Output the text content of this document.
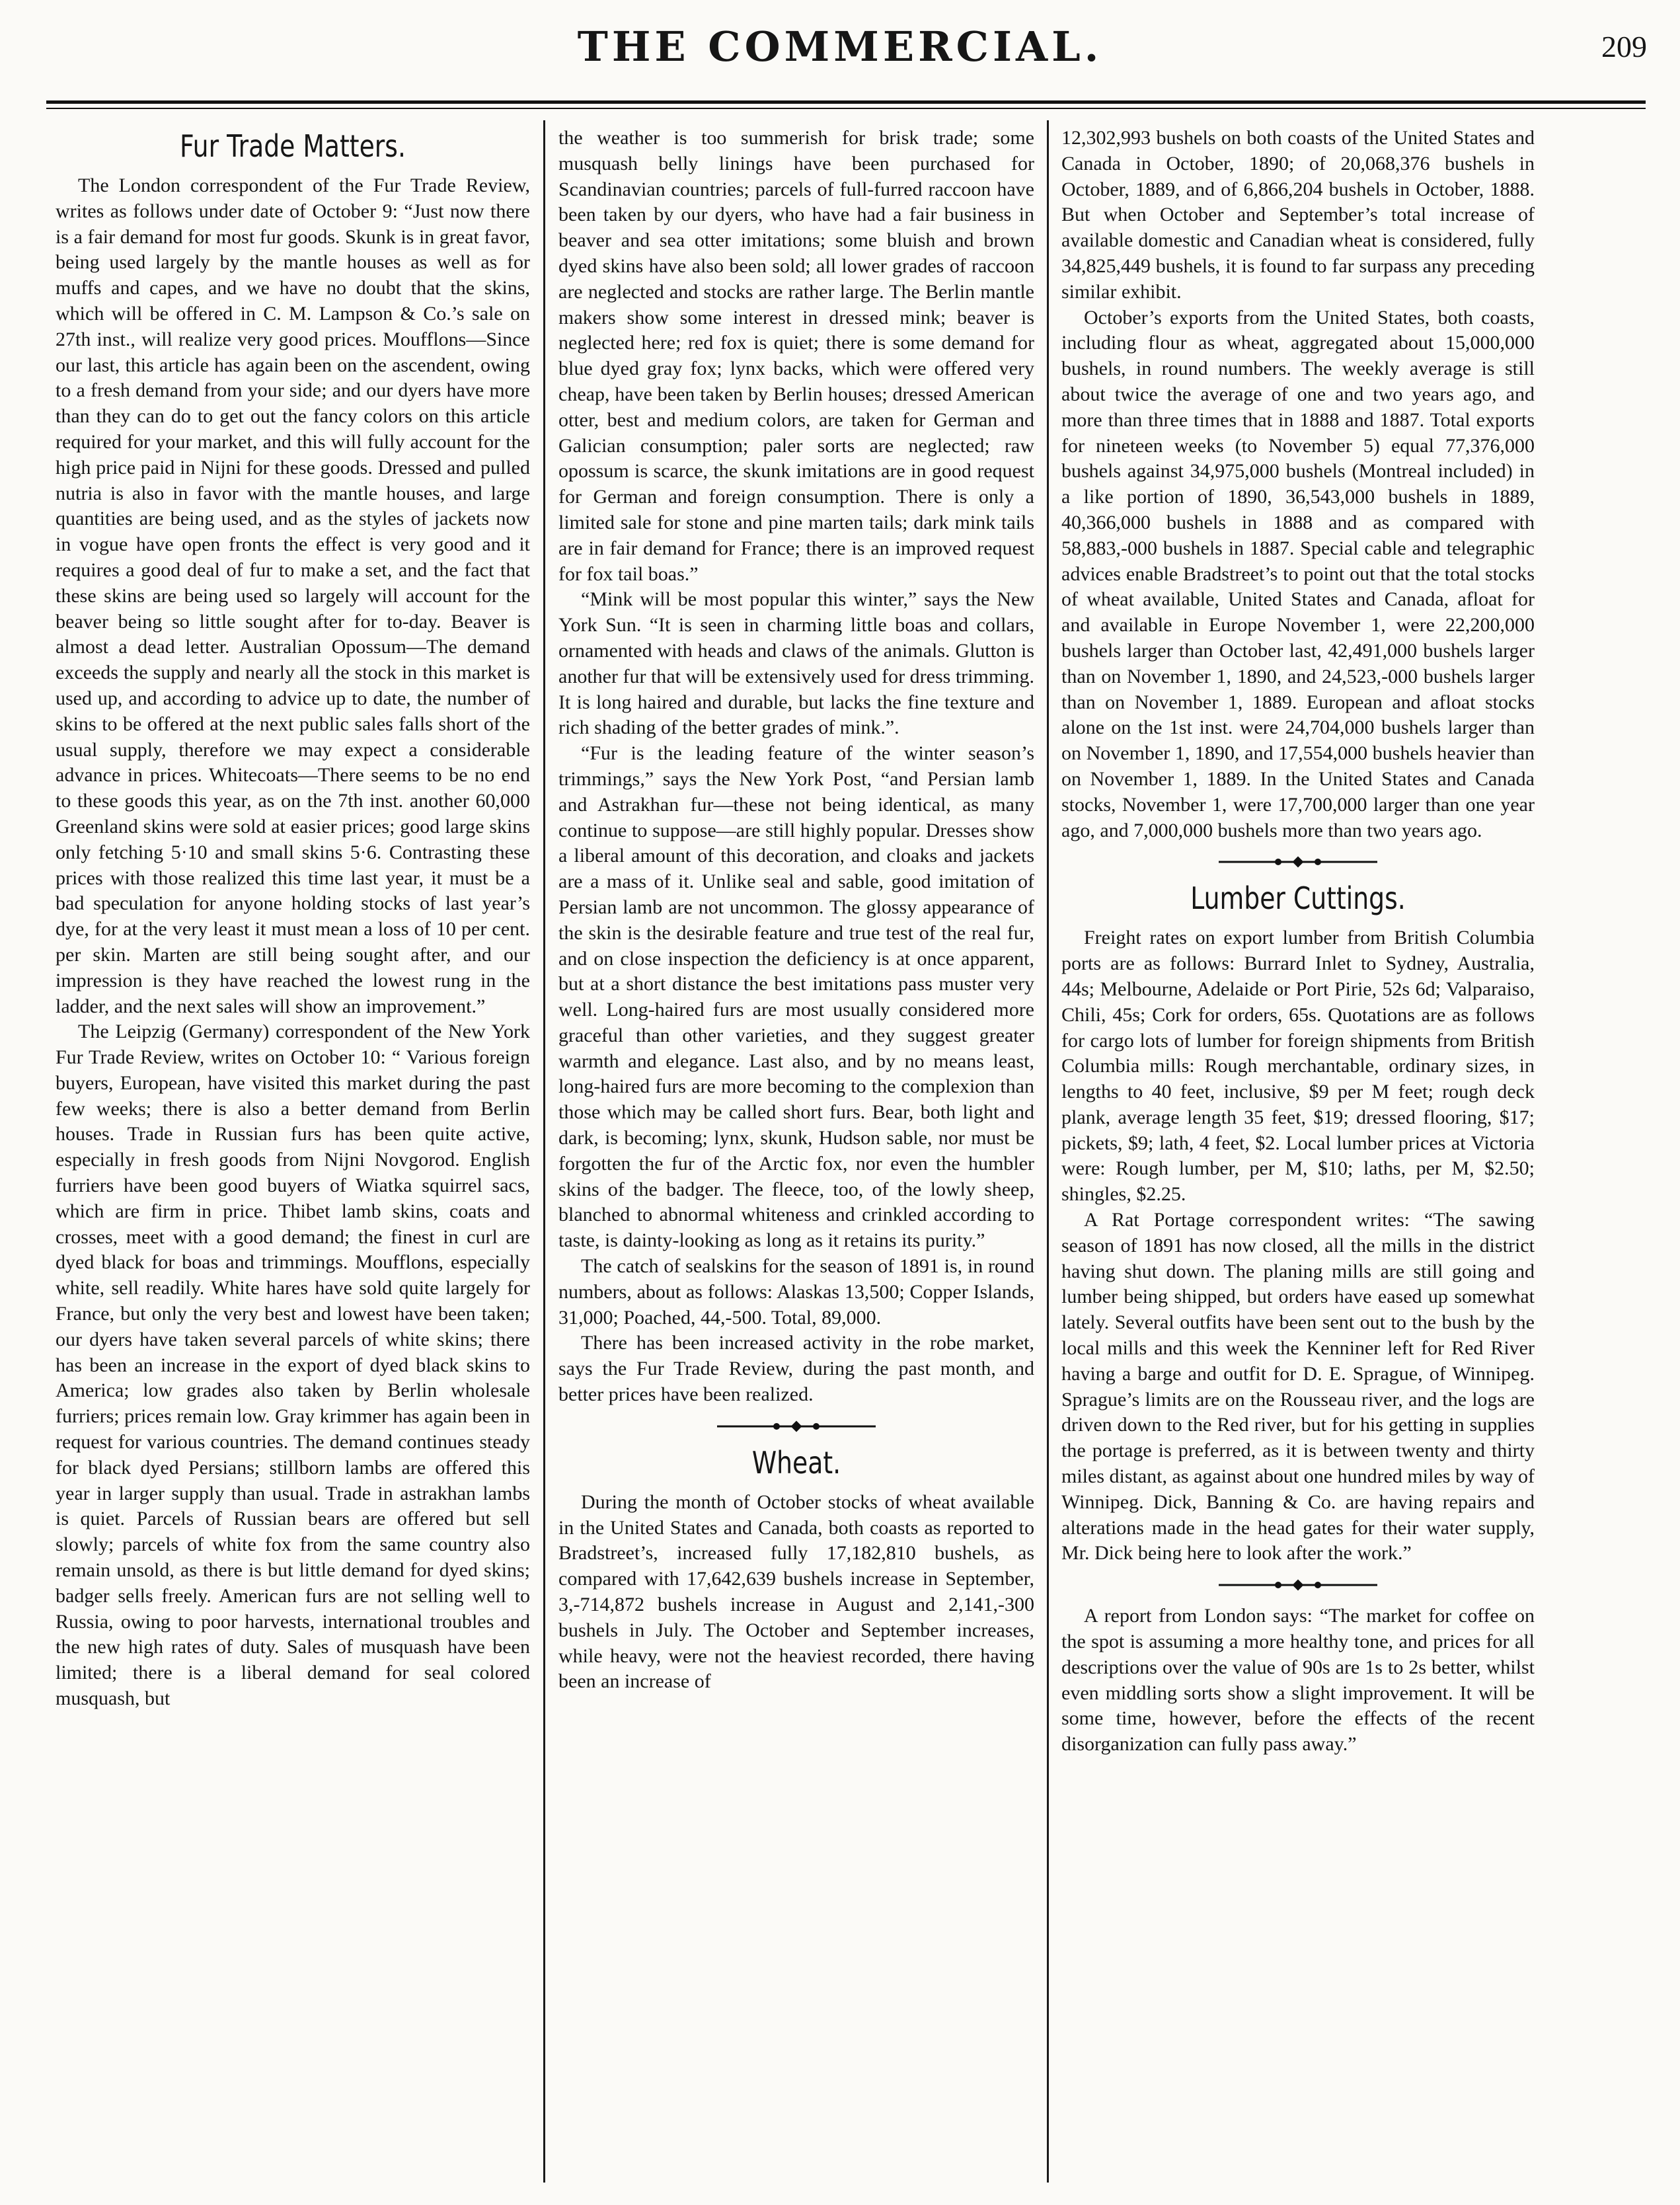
THE COMMERCIAL.	209
Fur Trade Matters.

The London correspondent of the Fur Trade Review, writes as follows under date of October 9: “Just now there is a fair demand for most fur goods. Skunk is in great favor, being used largely by the mantle houses as well as for muffs and capes, and we have no doubt that the skins, which will be offered in C. M. Lampson & Co.’s sale on 27th inst., will realize very good prices. Moufflons—Since our last, this article has again been on the ascendent, owing to a fresh demand from your side; and our dyers have more than they can do to get out the fancy colors on this article required for your market, and this will fully account for the high price paid in Nijni for these goods. Dressed and pulled nutria is also in favor with the mantle houses, and large quantities are being used, and as the styles of jackets now in vogue have open fronts the effect is very good and it requires a good deal of fur to make a set, and the fact that these skins are being used so largely will account for the beaver being so little sought after for to-day. Beaver is almost a dead letter. Australian Opossum—The demand exceeds the supply and nearly all the stock in this market is used up, and according to advice up to date, the number of skins to be offered at the next public sales falls short of the usual supply, therefore we may expect a considerable advance in prices. Whitecoats—There seems to be no end to these goods this year, as on the 7th inst. another 60,000 Greenland skins were sold at easier prices; good large skins only fetching 5·10 and small skins 5·6. Contrasting these prices with those realized this time last year, it must be a bad speculation for anyone holding stocks of last year’s dye, for at the very least it must mean a loss of 10 per cent. per skin. Marten are still being sought after, and our impression is they have reached the lowest rung in the ladder, and the next sales will show an improvement.”

The Leipzig (Germany) correspondent of the New York Fur Trade Review, writes on October 10: “ Various foreign buyers, European, have visited this market during the past few weeks; there is also a better demand from Berlin houses. Trade in Russian furs has been quite active, especially in fresh goods from Nijni Novgorod. English furriers have been good buyers of Wiatka squirrel sacs, which are firm in price. Thibet lamb skins, coats and crosses, meet with a good demand; the finest in curl are dyed black for boas and trimmings. Moufflons, especially white, sell readily. White hares have sold quite largely for France, but only the very best and lowest have been taken; our dyers have taken several parcels of white skins; there has been an increase in the export of dyed black skins to America; low grades also taken by Berlin wholesale furriers; prices remain low. Gray krimmer has again been in request for various countries. The demand continues steady for black dyed Persians; stillborn lambs are offered this year in larger supply than usual. Trade in astrakhan lambs is quiet. Parcels of Russian bears are offered but sell slowly; parcels of white fox from the same country also remain unsold, as there is but little demand for dyed skins; badger sells freely. American furs are not selling well to Russia, owing to poor harvests, international troubles and the new high rates of duty. Sales of musquash have been limited; there is a liberal demand for seal colored musquash, but

the weather is too summerish for brisk trade; some musquash belly linings have been purchased for Scandinavian countries; parcels of full-furred raccoon have been taken by our dyers, who have had a fair business in beaver and sea otter imitations; some bluish and brown dyed skins have also been sold; all lower grades of raccoon are neglected and stocks are rather large. The Berlin mantle makers show some interest in dressed mink; beaver is neglected here; red fox is quiet; there is some demand for blue dyed gray fox; lynx backs, which were offered very cheap, have been taken by Berlin houses; dressed American otter, best and medium colors, are taken for German and Galician consumption; paler sorts are neglected; raw opossum is scarce, the skunk imitations are in good request for German and foreign consumption. There is only a limited sale for stone and pine marten tails; dark mink tails are in fair demand for France; there is an improved request for fox tail boas.”

“Mink will be most popular this winter,” says the New York Sun. “It is seen in charming little boas and collars, ornamented with heads and claws of the animals. Glutton is another fur that will be extensively used for dress trimming. It is long haired and durable, but lacks the fine texture and rich shading of the better grades of mink.”.

“Fur is the leading feature of the winter season’s trimmings,” says the New York Post, “and Persian lamb and Astrakhan fur—these not being identical, as many continue to suppose—are still highly popular. Dresses show a liberal amount of this decoration, and cloaks and jackets are a mass of it. Unlike seal and sable, good imitation of Persian lamb are not uncommon. The glossy appearance of the skin is the desirable feature and true test of the real fur, and on close inspection the deficiency is at once apparent, but at a short distance the best imitations pass muster very well. Long-haired furs are most usually considered more graceful than other varieties, and they suggest greater warmth and elegance. Last also, and by no means least, long-haired furs are more becoming to the complexion than those which may be called short furs. Bear, both light and dark, is becoming; lynx, skunk, Hudson sable, nor must be forgotten the fur of the Arctic fox, nor even the humbler skins of the badger. The fleece, too, of the lowly sheep, blanched to abnormal whiteness and crinkled according to taste, is dainty-looking as long as it retains its purity.”

The catch of sealskins for the season of 1891 is, in round numbers, about as follows: Alaskas 13,500; Copper Islands, 31,000; Poached, 44,-500. Total, 89,000.

There has been increased activity in the robe market, says the Fur Trade Review, during the past month, and better prices have been realized.

Wheat.

During the month of October stocks of wheat available in the United States and Canada, both coasts as reported to Bradstreet’s, increased fully 17,182,810 bushels, as compared with 17,642,639 bushels increase in September, 3,-714,872 bushels increase in August and 2,141,-300 bushels in July. The October and September increases, while heavy, were not the heaviest recorded, there having been an increase of

12,302,993 bushels on both coasts of the United States and Canada in October, 1890; of 20,068,376 bushels in October, 1889, and of 6,866,204 bushels in October, 1888. But when October and September’s total increase of available domestic and Canadian wheat is considered, fully 34,825,449 bushels, it is found to far surpass any preceding similar exhibit.

October’s exports from the United States, both coasts, including flour as wheat, aggregated about 15,000,000 bushels, in round numbers. The weekly average is still about twice the average of one and two years ago, and more than three times that in 1888 and 1887. Total exports for nineteen weeks (to November 5) equal 77,376,000 bushels against 34,975,000 bushels (Montreal included) in a like portion of 1890, 36,543,000 bushels in 1889, 40,366,000 bushels in 1888 and as compared with 58,883,-000 bushels in 1887. Special cable and telegraphic advices enable Bradstreet’s to point out that the total stocks of wheat available, United States and Canada, afloat for and available in Europe November 1, were 22,200,000 bushels larger than October last, 42,491,000 bushels larger than on November 1, 1890, and 24,523,-000 bushels larger than on November 1, 1889. European and afloat stocks alone on the 1st inst. were 24,704,000 bushels larger than on November 1, 1890, and 17,554,000 bushels heavier than on November 1, 1889. In the United States and Canada stocks, November 1, were 17,700,000 larger than one year ago, and 7,000,000 bushels more than two years ago.

Lumber Cuttings.

Freight rates on export lumber from British Columbia ports are as follows: Burrard Inlet to Sydney, Australia, 44s; Melbourne, Adelaide or Port Pirie, 52s 6d; Valparaiso, Chili, 45s; Cork for orders, 65s. Quotations are as follows for cargo lots of lumber for foreign shipments from British Columbia mills: Rough merchantable, ordinary sizes, in lengths to 40 feet, inclusive, $9 per M feet; rough deck plank, average length 35 feet, $19; dressed flooring, $17; pickets, $9; lath, 4 feet, $2. Local lumber prices at Victoria were: Rough lumber, per M, $10; laths, per M, $2.50; shingles, $2.25.

A Rat Portage correspondent writes: “The sawing season of 1891 has now closed, all the mills in the district having shut down. The planing mills are still going and lumber being shipped, but orders have eased up somewhat lately. Several outfits have been sent out to the bush by the local mills and this week the Kenniner left for Red River having a barge and outfit for D. E. Sprague, of Winnipeg. Sprague’s limits are on the Rousseau river, and the logs are driven down to the Red river, but for his getting in supplies the portage is preferred, as it is between twenty and thirty miles distant, as against about one hundred miles by way of Winnipeg. Dick, Banning & Co. are having repairs and alterations made in the head gates for their water supply, Mr. Dick being here to look after the work.”

A report from London says: “The market for coffee on the spot is assuming a more healthy tone, and prices for all descriptions over the value of 90s are 1s to 2s better, whilst even middling sorts show a slight improvement. It will be some time, however, before the effects of the recent disorganization can fully pass away.”
